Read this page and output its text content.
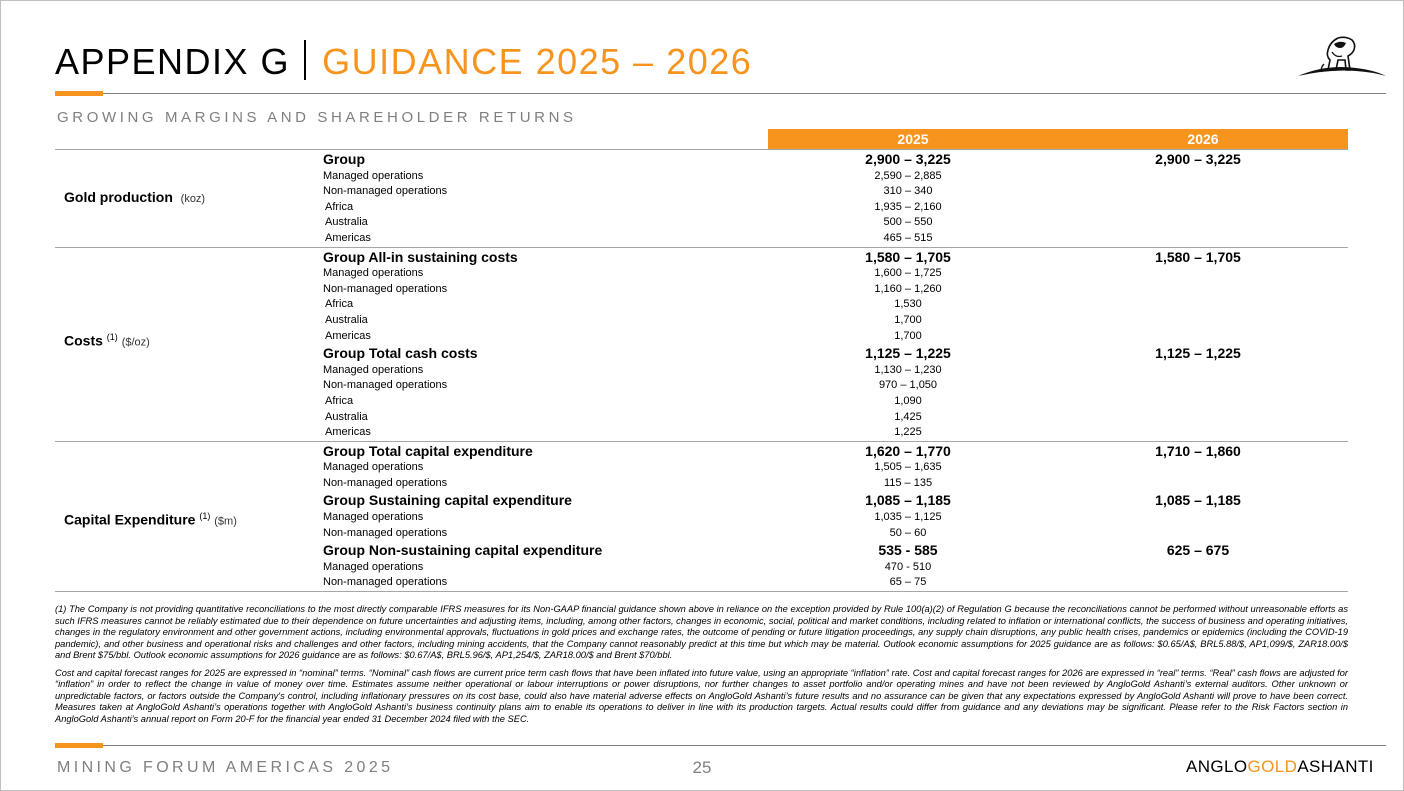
APPENDIX G GUIDANCE 2025 – 2026
GROWING MARGINS AND SHAREHOLDER RETURNS
2025	2026
Gold production (koz)
Group	2,900 – 3,225	2,900 – 3,225
Managed operations	2,590 – 2,885
Non-managed operations	310 – 340
Africa	1,935 – 2,160
Australia	500 – 550
Americas	465 – 515
Costs $^{(1)}$ ($/oz)
Group All-in sustaining costs	1,580 – 1,705	1,580 – 1,705
Managed operations	1,600 – 1,725
Non-managed operations	1,160 – 1,260
Africa	1,530
Australia	1,700
Americas	1,700
Group Total cash costs	1,125 – 1,225	1,125 – 1,225
Managed operations	1,130 – 1,230
Non-managed operations	970 – 1,050
Africa	1,090
Australia	1,425
Americas	1,225
Capital Expenditure $^{(1)}$ ($m)
Group Total capital expenditure	1,620 – 1,770	1,710 – 1,860
Managed operations	1,505 – 1,635
Non-managed operations	115 – 135
Group Sustaining capital expenditure	1,085 – 1,185	1,085 – 1,185
Managed operations	1,035 – 1,125
Non-managed operations	50 – 60
Group Non-sustaining capital expenditure	535 - 585	625 – 675
Managed operations	470 - 510
Non-managed operations	65 – 75

(1) The Company is not providing quantitative reconciliations to the most directly comparable IFRS measures for its Non-GAAP financial guidance shown above in reliance on the exception provided by Rule 100(a)(2) of Regulation G because the reconciliations cannot be performed without unreasonable efforts as such IFRS measures cannot be reliably estimated due to their dependence on future uncertainties and adjusting items, including, among other factors, changes in economic, social, political and market conditions, including related to inflation or international conflicts, the success of business and operating initiatives, changes in the regulatory environment and other government actions, including environmental approvals, fluctuations in gold prices and exchange rates, the outcome of pending or future litigation proceedings, any supply chain disruptions, any public health crises, pandemics or epidemics (including the COVID-19 pandemic), and other business and operational risks and challenges and other factors, including mining accidents, that the Company cannot reasonably predict at this time but which may be material. Outlook economic assumptions for 2025 guidance are as follows: $0.65/A$, BRL5.88/$, AP1,099/$, ZAR18.00/$ and Brent $75/bbl. Outlook economic assumptions for 2026 guidance are as follows: $0.67/A$, BRL5.96/$, AP1,254/$, ZAR18.00/$ and Brent $70/bbl.

Cost and capital forecast ranges for 2025 are expressed in “nominal” terms. “Nominal” cash flows are current price term cash flows that have been inflated into future value, using an appropriate “inflation” rate. Cost and capital forecast ranges for 2026 are expressed in “real” terms. “Real” cash flows are adjusted for “inflation” in order to reflect the change in value of money over time. Estimates assume neither operational or labour interruptions or power disruptions, nor further changes to asset portfolio and/or operating mines and have not been reviewed by AngloGold Ashanti’s external auditors. Other unknown or unpredictable factors, or factors outside the Company's control, including inflationary pressures on its cost base, could also have material adverse effects on AngloGold Ashanti’s future results and no assurance can be given that any expectations expressed by AngloGold Ashanti will prove to have been correct. Measures taken at AngloGold Ashanti’s operations together with AngloGold Ashanti’s business continuity plans aim to enable its operations to deliver in line with its production targets. Actual results could differ from guidance and any deviations may be significant. Please refer to the Risk Factors section in AngloGold Ashanti’s annual report on Form 20-F for the financial year ended 31 December 2024 filed with the SEC.

MINING FORUM AMERICAS 2025	25	ANGLOGOLDASHANTI
